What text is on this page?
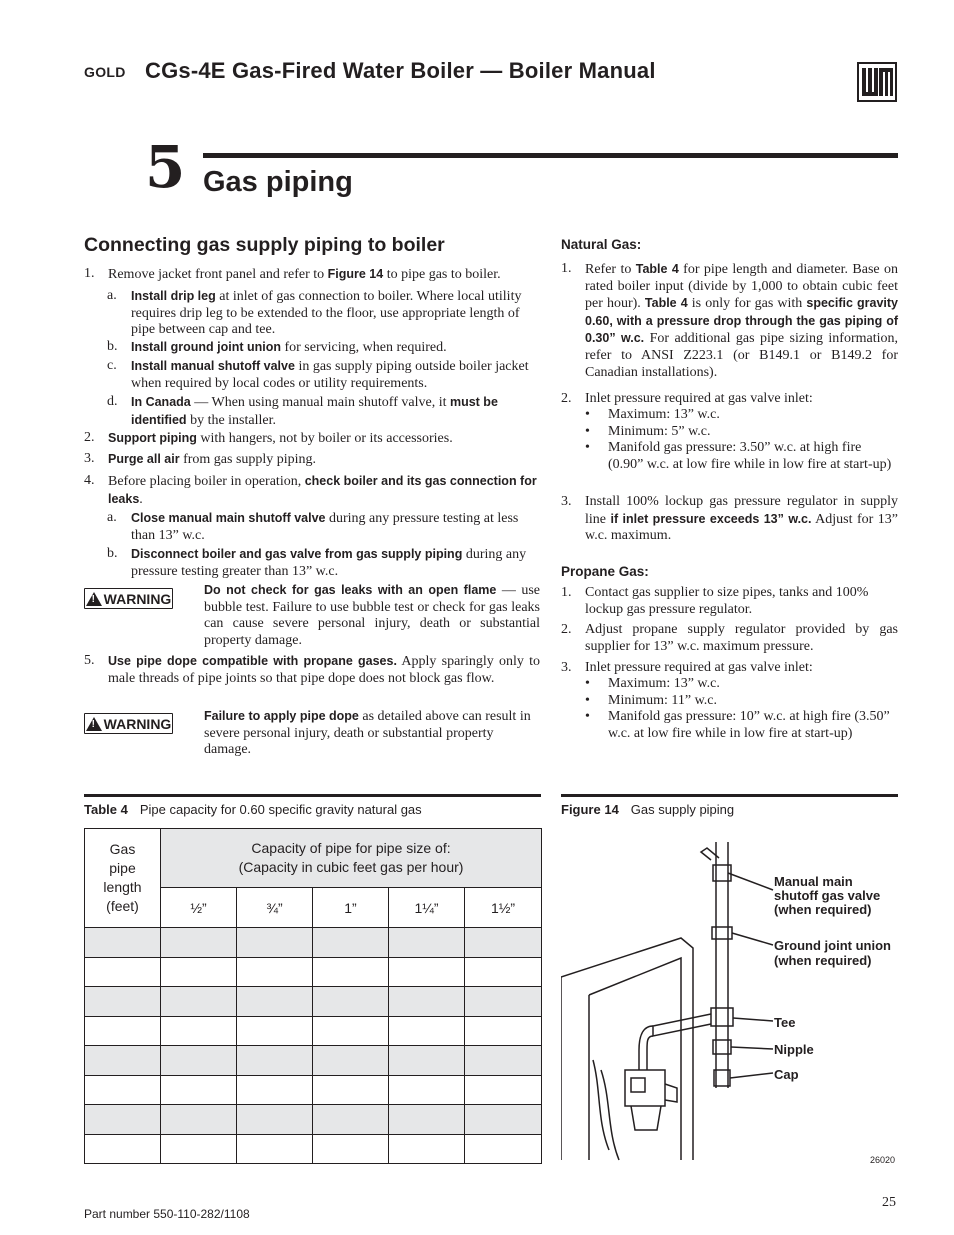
GOLD CGs-4E Gas-Fired Water Boiler — Boiler Manual
5 Gas piping
Connecting gas supply piping to boiler
1. Remove jacket front panel and refer to Figure 14 to pipe gas to boiler.
a.	Install drip leg at inlet of gas connection to boiler. Where local utility requires drip leg to be extended to the floor, use appropriate length of pipe between cap and tee.
b.	Install ground joint union for servicing, when required.
c.	Install manual shutoff valve in gas supply piping outside boiler jacket when required by local codes or utility requirements.
d.	In Canada — When using manual main shutoff valve, it must be identified by the installer.
2.	Support piping with hangers, not by boiler or its accessories.
3.	Purge all air from gas supply piping.
4. Before placing boiler in operation, check boiler and its gas connection for leaks.
a.	Close manual main shutoff valve during any pressure testing at less than 13” w.c.
b.	Disconnect boiler and gas valve from gas supply piping during any pressure testing greater than 13” w.c.
!
WARNING
Do not check for gas leaks with an open flame — use bubble test. Failure to use bubble test or check for gas leaks can cause severe personal injury, death or substantial property damage.
5.	Use pipe dope compatible with propane gases. Apply sparingly only to male threads of pipe joints so that pipe dope does not block gas flow.
!
WARNING	Failure to apply pipe dope as detailed above can result in severe personal injury, death or substantial property damage.
Natural Gas:
1. Refer to Table 4 for pipe length and diameter. Base on rated boiler input (divide by 1,000 to obtain cubic feet per hour). Table 4 is only for gas with specific gravity 0.60, with a pressure drop through the gas piping of 0.30” w.c. For additional gas pipe sizing information, refer to ANSI Z223.1 (or B149.1 or B149.2 for Canadian installations).
2. Inlet pressure required at gas valve inlet:
• Maximum: 13” w.c.
• Minimum: 5” w.c.
• Manifold gas pressure: 3.50” w.c. at high fire (0.90” w.c. at low fire while in low fire at start-up)
3. Install 100% lockup gas pressure regulator in supply line if inlet pressure exceeds 13” w.c. Adjust for 13” w.c. maximum.
Propane Gas:
1. Contact gas supplier to size pipes, tanks and 100% lockup gas pressure regulator.
2. Adjust propane supply regulator provided by gas supplier for 13” w.c. maximum pressure.
3. Inlet pressure required at gas valve inlet:
• Maximum: 13” w.c.
• Minimum: 11” w.c.
• Manifold gas pressure: 10” w.c. at high fire (3.50” w.c. at low fire while in low fire at start-up)
Table 4 Pipe capacity for 0.60 specific gravity natural gas
Gas pipe length (feet)	Capacity of pipe for pipe size of:
(Capacity in cubic feet gas per hour)				
	½”	¾”	1”	1¼”	1½”

Figure 14 Gas supply piping
Manual main
shutoff gas valve
(when required)
Ground joint union
(when required)
Tee
Nipple
Cap
26020
Part number 550-110-282/1108
25
